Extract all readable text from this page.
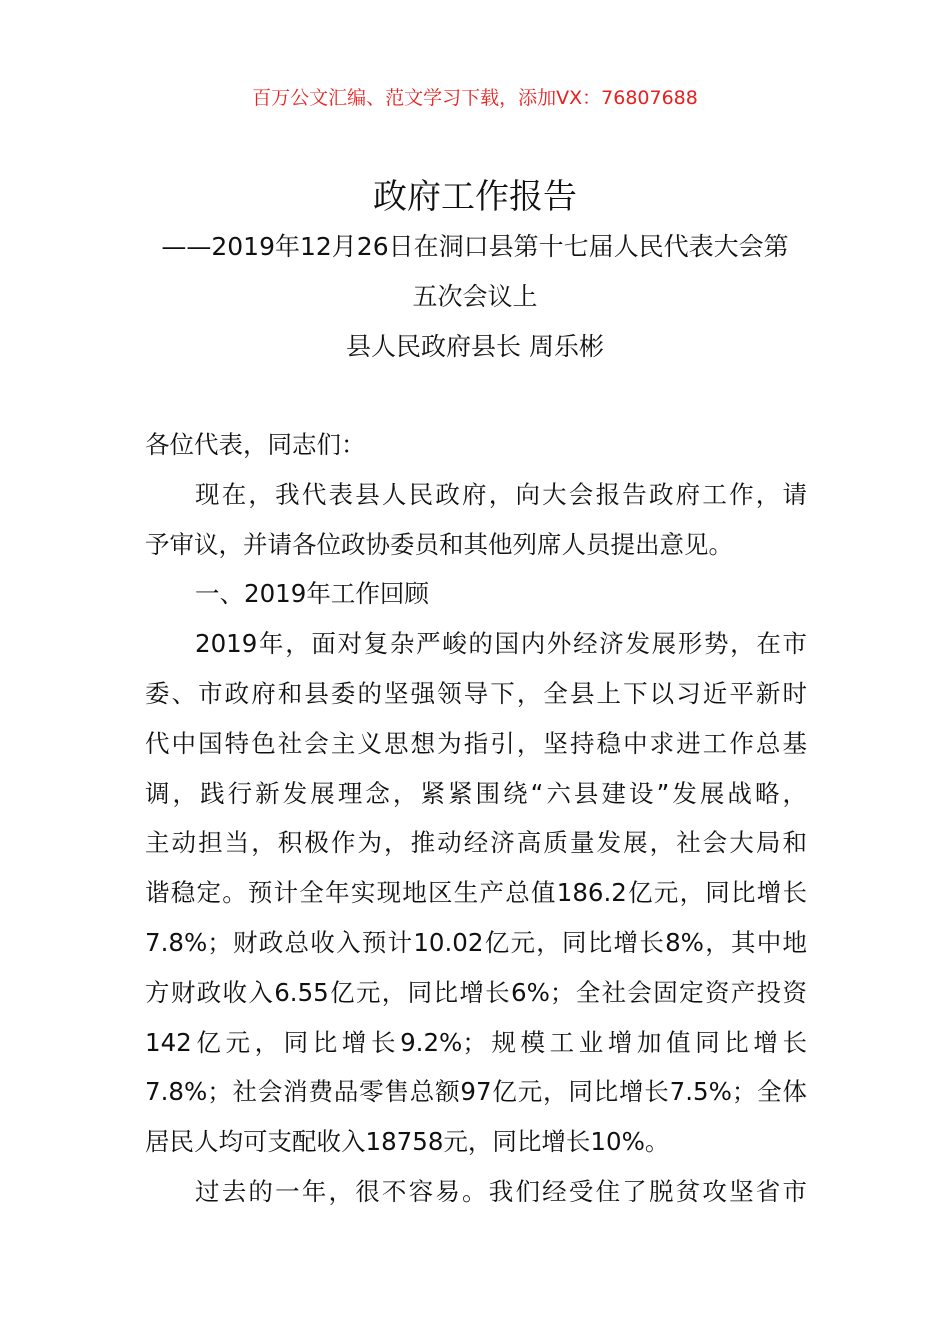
百万公文汇编、范文学习下载，添加VX：76807688
政府工作报告
——2019年12月26日在洞口县第十七届人民代表大会第
五次会议上
县人民政府县长 周乐彬
各位代表，同志们：
现在，我代表县人民政府，向大会报告政府工作，请
予审议，并请各位政协委员和其他列席人员提出意见。
一、2019年工作回顾
2019年，面对复杂严峻的国内外经济发展形势，在市
委、市政府和县委的坚强领导下，全县上下以习近平新时
代中国特色社会主义思想为指引，坚持稳中求进工作总基
调，践行新发展理念，紧紧围绕“六县建设”发展战略，
主动担当，积极作为，推动经济高质量发展，社会大局和
谐稳定。预计全年实现地区生产总值186.2亿元，同比增长
7.8%；财政总收入预计10.02亿元，同比增长8%，其中地
方财政收入6.55亿元，同比增长6%；全社会固定资产投资
142亿元，同比增长9.2%；规模工业增加值同比增长
7.8%；社会消费品零售总额97亿元，同比增长7.5%；全体
居民人均可支配收入18758元，同比增长10%。
过去的一年，很不容易。我们经受住了脱贫攻坚省市
